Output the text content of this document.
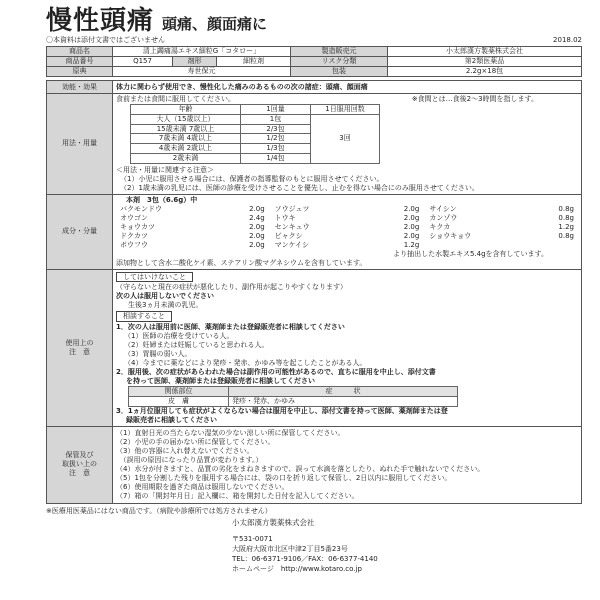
慢性頭痛 頭痛、顔面痛に
〇本資料は添付文書ではございません	2018.02
商品名	清上蠲痛湯エキス細粒G「コタロー」			製造販売元	小太郎漢方製薬株式会社
商品番号	Q157	剤形	細粒剤	リスク分類	第2類医薬品
原典	寿世保元			包装	2.2g×18包
効能・効果	体力に関わらず使用でき、慢性化した痛みのあるものの次の諸症：頭痛、顔面痛
用法・用量	
食前または食間に服用してください。	※食間とは…食後2～3時間を指します。
年齢	1回量	1日服用回数
大人（15歳以上）	1包	3回
15歳未満 7歳以上	2/3包
7歳未満 4歳以上	1/2包
4歳未満 2歳以上	1/3包
2歳未満	1/4包
＜用法・用量に関連する注意＞
（1）小児に服用させる場合には、保護者の指導監督のもとに服用させてください。
（2）1歳未満の乳児には、医師の診療を受けさせることを優先し、止むを得ない場合にのみ服用させてください。

成分・分量	
本剤　3包（6.6g）中
バクモンドウ	2.0g ソウジュツ	2.0g サイシン	0.8g
オウゴン	2.4g トウキ	2.0g カンゾウ	0.8g
キョウカツ	2.0g センキュウ	2.0g キクカ	1.2g
ドクカツ	2.0g ビャクシ	2.0g ショウキョウ	0.8g
ボウフウ	2.0g マンケイシ	1.2g
より抽出した水製エキス5.4gを含有しています。
添加物として含水二酸化ケイ素、ステアリン酸マグネシウムを含有しています。

使用上の
注　意
	してはいけないこと
（守らないと現在の症状が悪化したり、副作用が起こりやすくなります）
次の人は服用しないでください
生後3ヵ月未満の乳児。
相談すること
1．次の人は服用前に医師、薬剤師または登録販売者に相談してください
（1）医師の治療を受けている人。
（2）妊婦または妊娠していると思われる人。
（3）胃腸の弱い人。
（4）今までに薬などにより発疹・発赤、かゆみ等を起こしたことがある人。
2．服用後、次の症状があらわれた場合は副作用の可能性があるので、直ちに服用を中止し、添付文書
を持って医師、薬剤師または登録販売者に相談してください
関係部位	症　　　状
皮　膚	発疹・発赤、かゆみ
3．1ヵ月位服用しても症状がよくならない場合は服用を中止し、添付文書を持って医師、薬剤師または登
録販売者に相談してください

保管及び
取扱い上の
注　意

（1）直射日光の当たらない湿気の少ない涼しい所に保管してください。
（2）小児の手の届かない所に保管してください。
（3）他の容器に入れ替えないでください。
　（誤用の原因になったり品質が変わります。）
（4）水分が付きますと、品質の劣化をまねきますので、誤って水滴を落としたり、ぬれた手で触れないでください。
（5）1包を分割した残りを服用する場合には、袋の口を折り返して保管し、2日以内に服用してください。
（6）使用期限を過ぎた商品は服用しないでください。
（7）箱の「開封年月日」記入欄に、箱を開封した日付を記入してください。
※医療用医薬品にはない商品です。（病院や診療所では処方されません）
小太郎漢方製薬株式会社
〒531-0071
大阪府大阪市北区中津2丁目5番23号
TEL：06-6371-9106／FAX：06-6377-4140
ホームページ　http://www.kotaro.co.jp
